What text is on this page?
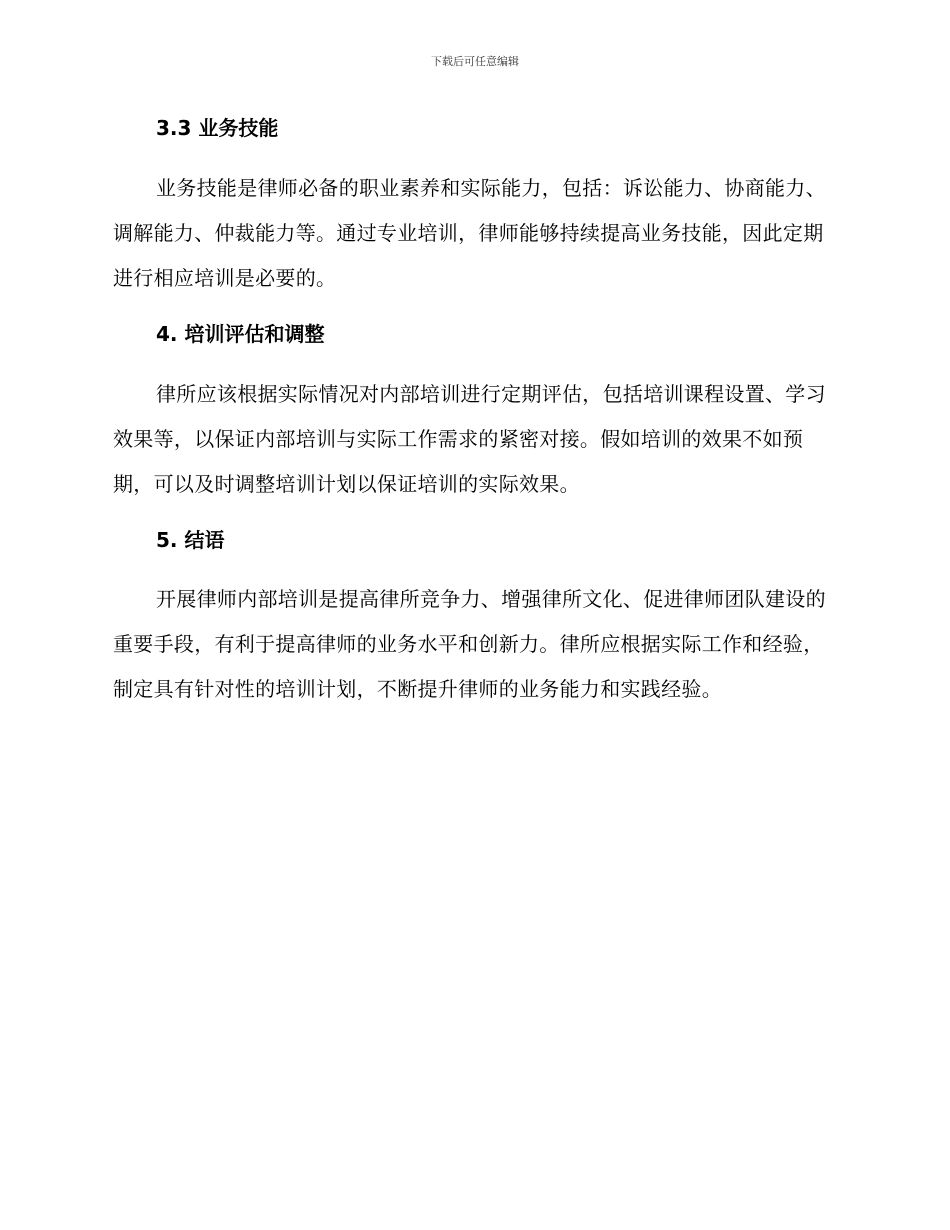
下载后可任意编辑
3.3 业务技能

业务技能是律师必备的职业素养和实际能力，包括：诉讼能力、协商能力、调解能力、仲裁能力等。通过专业培训，律师能够持续提高业务技能，因此定期进行相应培训是必要的。

4. 培训评估和调整

律所应该根据实际情况对内部培训进行定期评估，包括培训课程设置、学习效果等，以保证内部培训与实际工作需求的紧密对接。假如培训的效果不如预期，可以及时调整培训计划以保证培训的实际效果。

5. 结语

开展律师内部培训是提高律所竞争力、增强律所文化、促进律师团队建设的重要手段，有利于提高律师的业务水平和创新力。律所应根据实际工作和经验，制定具有针对性的培训计划，不断提升律师的业务能力和实践经验。
